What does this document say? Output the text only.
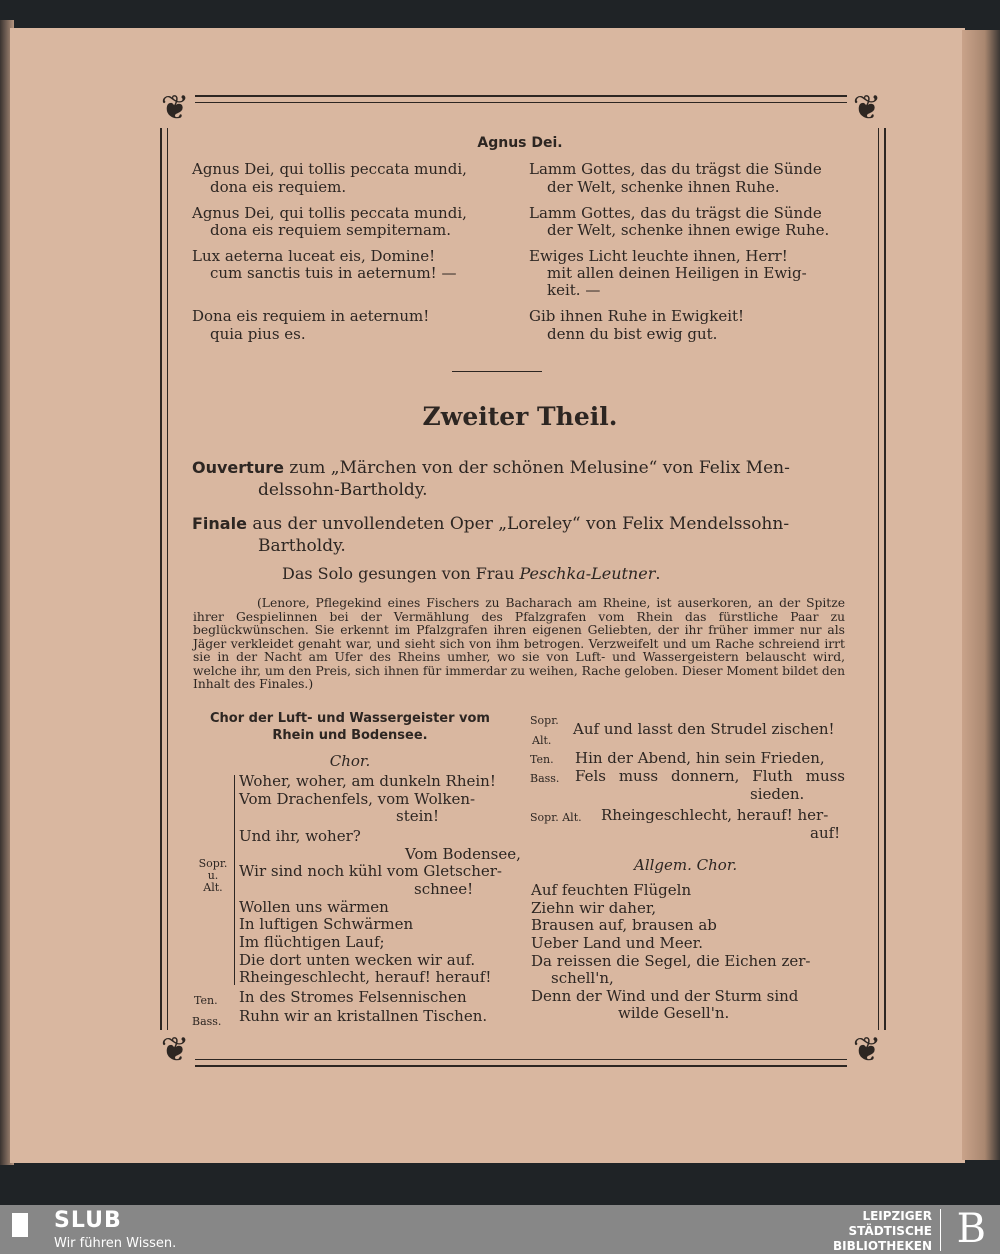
❦	❦
❦	❦
Agnus Dei.
Agnus Dei, qui tollis peccata mundi,
dona eis requiem.
Agnus Dei, qui tollis peccata mundi,
dona eis requiem sempiternam.
Lux aeterna luceat eis, Domine!
cum sanctis tuis in aeternum! —
Dona eis requiem in aeternum!
quia pius es.
Lamm Gottes, das du trägst die Sünde
der Welt, schenke ihnen Ruhe.
Lamm Gottes, das du trägst die Sünde
der Welt, schenke ihnen ewige Ruhe.
Ewiges Licht leuchte ihnen, Herr!
mit allen deinen Heiligen in Ewig-
keit. —
Gib ihnen Ruhe in Ewigkeit!
denn du bist ewig gut.
Zweiter Theil.
Ouverture zum „Märchen von der schönen Melusine“ von Felix Men-
delssohn-Bartholdy.
Finale aus der unvollendeten Oper „Loreley“ von Felix Mendelssohn-
Bartholdy.
Das Solo gesungen von Frau Peschka-Leutner.
(Lenore, Pflegekind eines Fischers zu Bacharach am Rheine, ist auserkoren, an der Spitze ihrer Gespielinnen bei der Vermählung des Pfalzgrafen vom Rhein das fürstliche Paar zu beglückwünschen. Sie erkennt im Pfalzgrafen ihren eigenen Geliebten, der ihr früher immer nur als Jäger verkleidet genaht war, und sieht sich von ihm betrogen. Verzweifelt und um Rache schreiend irrt sie in der Nacht am Ufer des Rheins umher, wo sie von Luft- und Wassergeistern belauscht wird, welche ihr, um den Preis, sich ihnen für immerdar zu weihen, Rache geloben. Dieser Moment bildet den Inhalt des Finales.)
Chor der Luft- und Wassergeister vom
Rhein und Bodensee.
Chor.
Sopr.
u.
Alt.
Woher, woher, am dunkeln Rhein!
Vom Drachenfels, vom Wolken-
stein!
Und ihr, woher?
Vom Bodensee,
Wir sind noch kühl vom Gletscher-
schnee!
Wollen uns wärmen
In luftigen Schwärmen
Im flüchtigen Lauf;
Die dort unten wecken wir auf.
Rheingeschlecht, herauf! herauf!
Ten.
Bass.
In des Stromes Felsennischen
Ruhn wir an kristallnen Tischen.
Sopr.
Alt.
Auf und lasst den Strudel zischen!
Ten. Hin der Abend, hin sein Frieden,
Bass. Fels muss donnern, Fluth muss
sieden.
Sopr. Alt. Rheingeschlecht, herauf! her-
auf!
Allgem. Chor.
Auf feuchten Flügeln
Ziehn wir daher,
Brausen auf, brausen ab
Ueber Land und Meer.
Da reissen die Segel, die Eichen zer-
schell'n,
Denn der Wind und der Sturm sind
wilde Gesell'n.
SLUB
Wir führen Wissen.
LEIPZIGER
STÄDTISCHE
BIBLIOTHEKEN B
